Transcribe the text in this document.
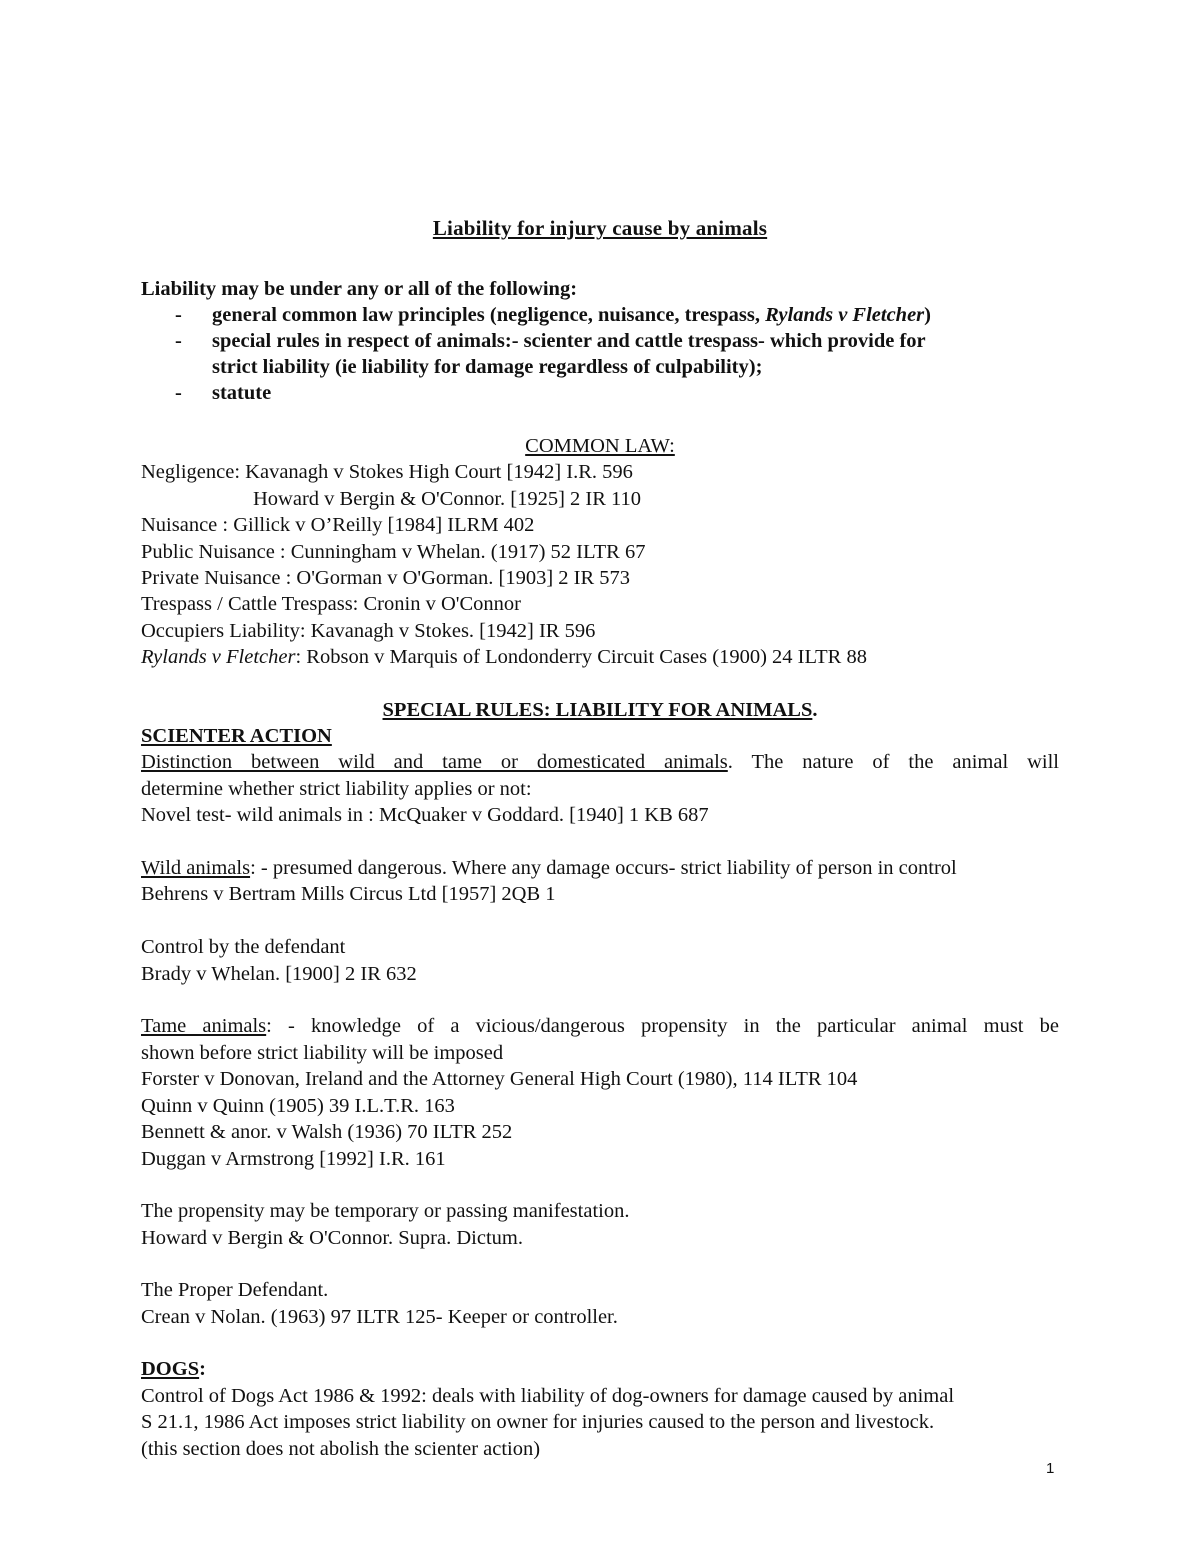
Liability for injury cause by animals
Liability may be under any or all of the following:
- general common law principles (negligence, nuisance, trespass, Rylands v Fletcher)
- special rules in respect of animals:- scienter and cattle trespass- which provide for
strict liability (ie liability for damage regardless of culpability);
- statute
COMMON LAW:
Negligence: Kavanagh v Stokes High Court [1942] I.R. 596
Howard v Bergin & O'Connor. [1925] 2 IR 110
Nuisance : Gillick v O’Reilly [1984] ILRM 402
Public Nuisance : Cunningham v Whelan. (1917) 52 ILTR 67
Private Nuisance : O'Gorman v O'Gorman. [1903] 2 IR 573
Trespass / Cattle Trespass: Cronin v O'Connor
Occupiers Liability: Kavanagh v Stokes. [1942] IR 596
Rylands v Fletcher: Robson v Marquis of Londonderry Circuit Cases (1900) 24 ILTR 88
SPECIAL RULES: LIABILITY FOR ANIMALS.
SCIENTER ACTION
Distinction between wild and tame or domesticated animals. The nature of the animal will
determine whether strict liability applies or not:
Novel test- wild animals in : McQuaker v Goddard. [1940] 1 KB 687
Wild animals: - presumed dangerous. Where any damage occurs- strict liability of person in control
Behrens v Bertram Mills Circus Ltd [1957] 2QB 1
Control by the defendant
Brady v Whelan. [1900] 2 IR 632
Tame animals: - knowledge of a vicious/dangerous propensity in the particular animal must be
shown before strict liability will be imposed
Forster v Donovan, Ireland and the Attorney General High Court (1980), 114 ILTR 104
Quinn v Quinn (1905) 39 I.L.T.R. 163
Bennett & anor. v Walsh (1936) 70 ILTR 252
Duggan v Armstrong [1992] I.R. 161
The propensity may be temporary or passing manifestation.
Howard v Bergin & O'Connor. Supra. Dictum.
The Proper Defendant.
Crean v Nolan. (1963) 97 ILTR 125- Keeper or controller.
DOGS:
Control of Dogs Act 1986 & 1992: deals with liability of dog-owners for damage caused by animal
S 21.1, 1986 Act imposes strict liability on owner for injuries caused to the person and livestock.
(this section does not abolish the scienter action)
1
